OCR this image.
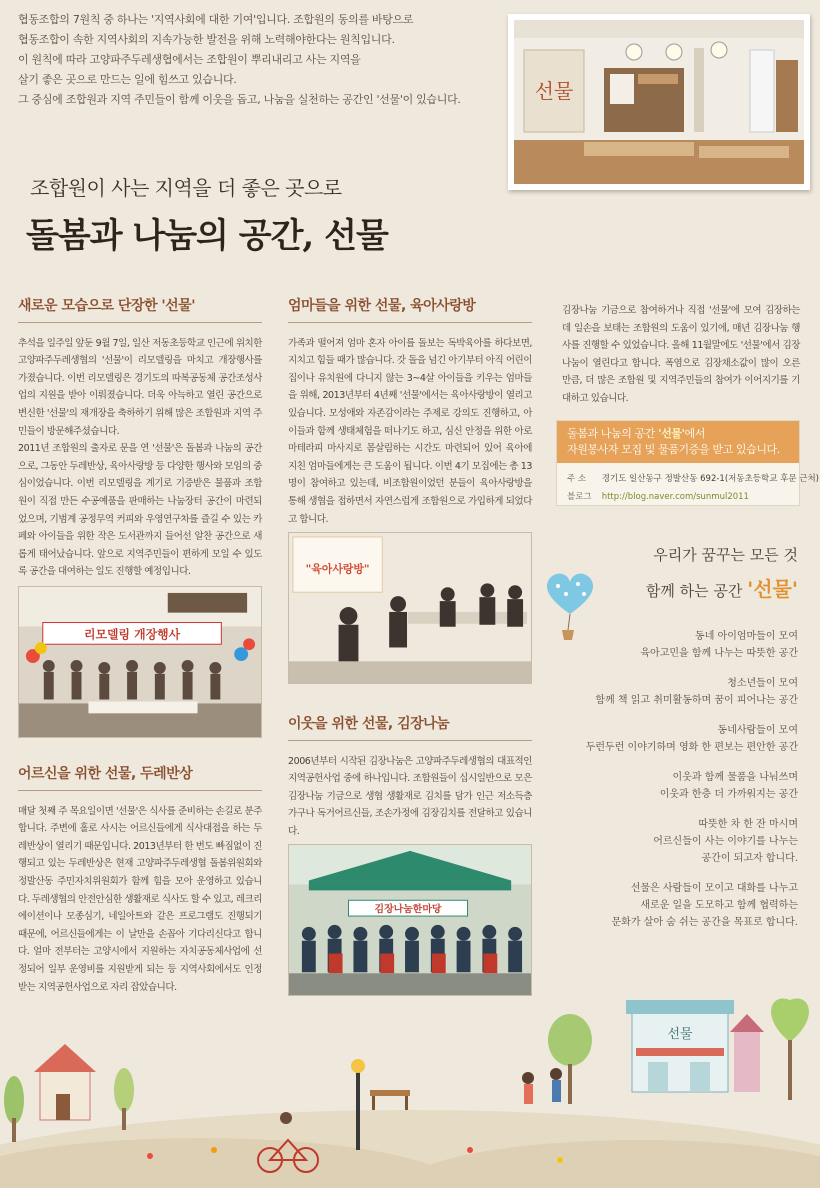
협동조합의 7원칙 중 하나는 '지역사회에 대한 기여'입니다. 조합원의 동의를 바탕으로

협동조합이 속한 지역사회의 지속가능한 발전을 위해 노력해야한다는 원칙입니다.

이 원칙에 따라 고양파주두레생협에서는 조합원이 뿌리내리고 사는 지역을

살기 좋은 곳으로 만드는 일에 힘쓰고 있습니다.

그 중심에 조합원과 지역 주민들이 함께 이웃을 돕고, 나눔을 실천하는 공간인 '선물'이 있습니다.	선물
조합원이 사는 지역을 더 좋은 곳으로
돌봄과 나눔의 공간, 선물
새로운 모습으로 단장한 '선물'

추석을 일주일 앞둔 9월 7일, 일산 저동초등학교 인근에 위치한 고양파주두레생협의 '선물'이 리모델링을 마치고 개장행사를 가졌습니다. 이번 리모델링은 경기도의 따복공동체 공간조성사업의 지원을 받아 이뤄졌습니다. 더욱 아늑하고 열린 공간으로 변신한 '선물'의 재개장을 축하하기 위해 많은 조합원과 지역 주민들이 방문해주셨습니다.

2011년 조합원의 출자로 문을 연 '선물'은 돌봄과 나눔의 공간으로, 그동안 두레반상, 육아사랑방 등 다양한 행사와 모임의 중심이었습니다. 이번 리모델링을 계기로 기증받은 물품과 조합원이 직접 만든 수공예품을 판매하는 나눔장터 공간이 마련되었으며, 기범계 공정무역 커피와 우영연구차를 즐길 수 있는 카페와 아이들을 위한 작은 도서관까지 들어선 알찬 공간으로 새롭게 태어났습니다. 앞으로 지역주민들이 편하게 모일 수 있도록 공간을 대여하는 일도 진행할 예정입니다.

리모델링 개장행사
어르신을 위한 선물, 두레반상

매달 첫째 주 목요일이면 '선물'은 식사를 준비하는 손길로 분주합니다. 주변에 홀로 사시는 어르신들에게 식사대접을 하는 두레반상이 열리기 때문입니다. 2013년부터 한 번도 빠짐없이 진행되고 있는 두레반상은 현재 고양파주두레생협 돌봄위원회와 정발산동 주민자치위원회가 함께 힘을 모아 운영하고 있습니다. 두레생협의 안전안심한 생활재로 식사도 할 수 있고, 레크리에이션이나 모종심기, 네일아트와 같은 프로그램도 진행되기 때문에, 어르신들에게는 이 날만을 손꼽아 기다리신다고 합니다. 얼마 전부터는 고양시에서 지원하는 자치공동체사업에 선정되어 일부 운영비를 지원받게 되는 등 지역사회에서도 인정받는 지역공헌사업으로 자리 잡았습니다.

엄마들을 위한 선물, 육아사랑방

가족과 떨어져 엄마 혼자 아이를 돌보는 독박육아를 하다보면, 지치고 힘들 때가 많습니다. 갓 돌을 넘긴 아기부터 아직 어린이집이나 유치원에 다니지 않는 3~4살 아이들을 키우는 엄마들을 위해, 2013년부터 4년째 '선물'에서는 육아사랑방이 열리고 있습니다. 모성애와 자존감이라는 주제로 강의도 진행하고, 아이들과 함께 생태체험을 떠나기도 하고, 심신 안정을 위한 아로마테라피 마사지로 몸살림하는 시간도 마련되어 있어 육아에 지친 엄마들에게는 큰 도움이 됩니다. 이번 4기 모집에는 총 13명이 참여하고 있는데, 비조합원이었던 분들이 육아사랑방을 통해 생협을 접하면서 자연스럽게 조합원으로 가입하게 되었다고 합니다.

"육아사랑방"
이웃을 위한 선물, 김장나눔

2006년부터 시작된 김장나눔은 고양파주두레생협의 대표적인 지역공헌사업 중에 하나입니다. 조합원들이 십시일반으로 모은 김장나눔 기금으로 생협 생활재로 김치를 담가 인근 저소득층 가구나 독거어르신들, 조손가정에 김장김치를 전달하고 있습니다.

김장나눔한마당

김장나눔 기금으로 참여하거나 직접 '선물'에 모여 김장하는 데 일손을 보태는 조합원의 도움이 있기에, 매년 김장나눔 행사를 진행할 수 있었습니다. 올해 11월말에도 '선물'에서 김장나눔이 열린다고 합니다. 폭염으로 김장채소값이 많이 오른 만큼, 더 많은 조합원 및 지역주민들의 참여가 이어지기를 기대하고 있습니다.

돌봄과 나눔의 공간 '선물'에서
자원봉사자 모집 및 물품기증을 받고 있습니다.
주 소 경기도 일산동구 정발산동 692-1(저동초등학교 후문 근처)
블로그 http://blog.naver.com/sunmul2011
우리가 꿈꾸는 모든 것
함께 하는 공간 '선물'
동네 아이엄마들이 모여
육아고민을 함께 나누는 따뜻한 공간
청소년들이 모여
함께 책 읽고 취미활동하며 꿈이 피어나는 공간
동네사람들이 모여
두런두런 이야기하며 영화 한 편보는 편안한 공간
이웃과 함께 물품을 나눠쓰며
이웃과 한층 더 가까워지는 공간
따뜻한 차 한 잔 마시며
어르신들이 사는 이야기를 나누는
공간이 되고자 합니다.
선물은 사람들이 모이고 대화를 나누고
새로운 일을 도모하고 함께 협력하는
문화가 살아 숨 쉬는 공간을 목표로 합니다.
선물
